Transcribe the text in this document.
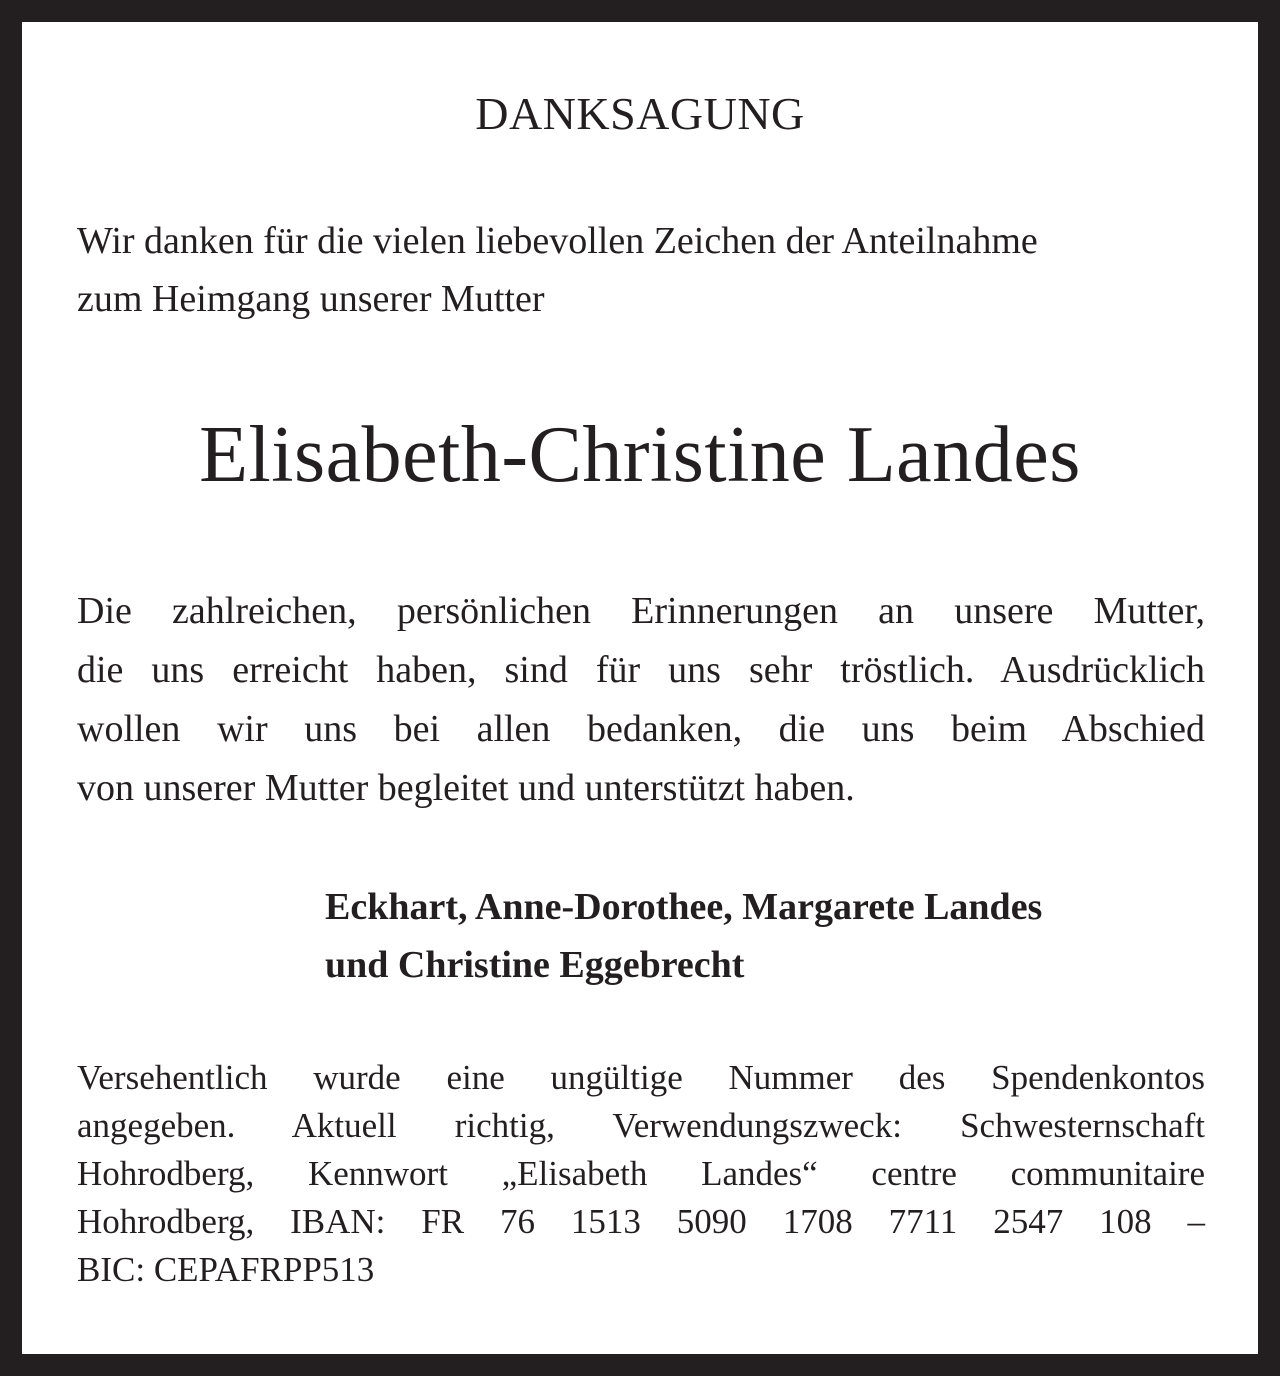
DANKSAGUNG
Wir danken für die vielen liebevollen Zeichen der Anteilnahme
zum Heimgang unserer Mutter
Elisabeth-Christine Landes
Die zahlreichen, persönlichen Erinnerungen an unsere Mutter,
die uns erreicht haben, sind für uns sehr tröstlich. Ausdrücklich
wollen wir uns bei allen bedanken, die uns beim Abschied
von unserer Mutter begleitet und unterstützt haben.
Eckhart, Anne-Dorothee, Margarete Landes
und Christine Eggebrecht
Versehentlich wurde eine ungültige Nummer des Spendenkontos
angegeben. Aktuell richtig, Verwendungszweck: Schwesternschaft
Hohrodberg, Kennwort „Elisabeth Landes“ centre communitaire
Hohrodberg, IBAN: FR 76 1513 5090 1708 7711 2547 108 –
BIC: CEPAFRPP513
